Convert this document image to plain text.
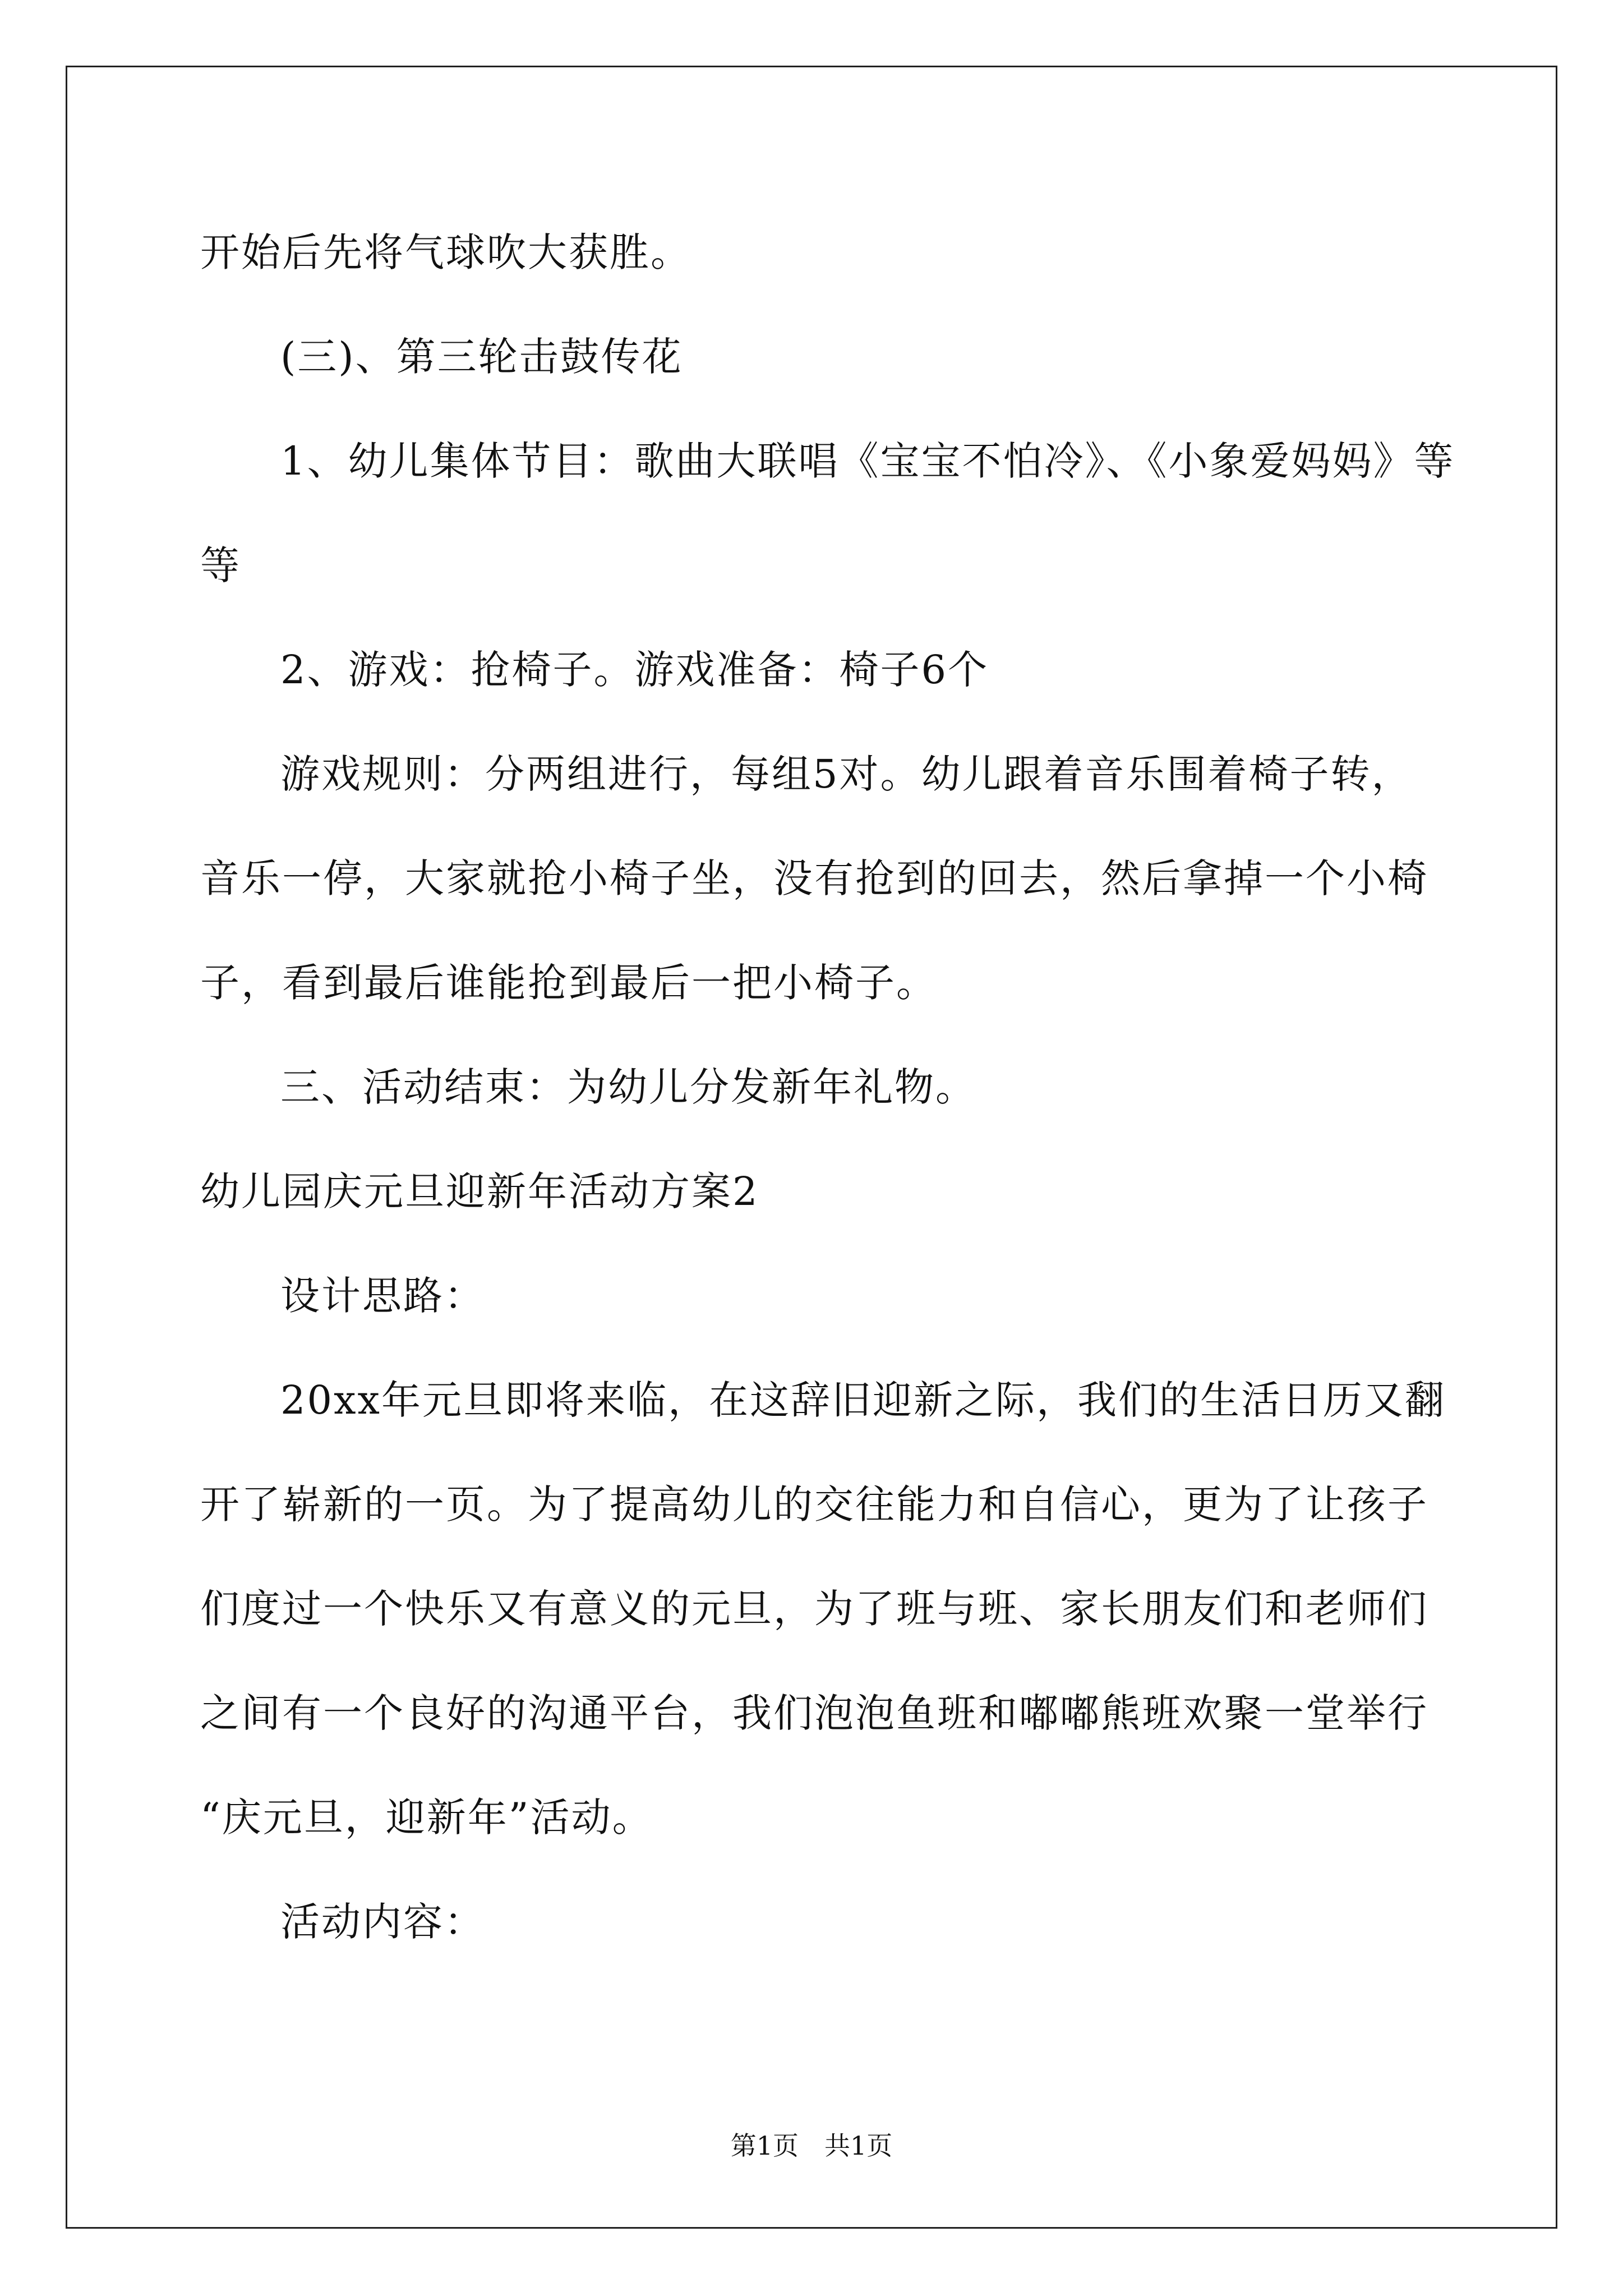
开始后先将气球吹大获胜。
(三)、第三轮击鼓传花
1、幼儿集体节目：歌曲大联唱《宝宝不怕冷》、《小象爱妈妈》等
等
2、游戏：抢椅子。游戏准备：椅子6个
游戏规则：分两组进行，每组5对。幼儿跟着音乐围着椅子转，
音乐一停，大家就抢小椅子坐，没有抢到的回去，然后拿掉一个小椅
子，看到最后谁能抢到最后一把小椅子。
三、活动结束：为幼儿分发新年礼物。
幼儿园庆元旦迎新年活动方案2
设计思路：
20xx年元旦即将来临，在这辞旧迎新之际，我们的生活日历又翻
开了崭新的一页。为了提高幼儿的交往能力和自信心，更为了让孩子
们度过一个快乐又有意义的元旦，为了班与班、家长朋友们和老师们
之间有一个良好的沟通平台，我们泡泡鱼班和嘟嘟熊班欢聚一堂举行
“庆元旦，迎新年”活动。
活动内容：
第1页　共1页
